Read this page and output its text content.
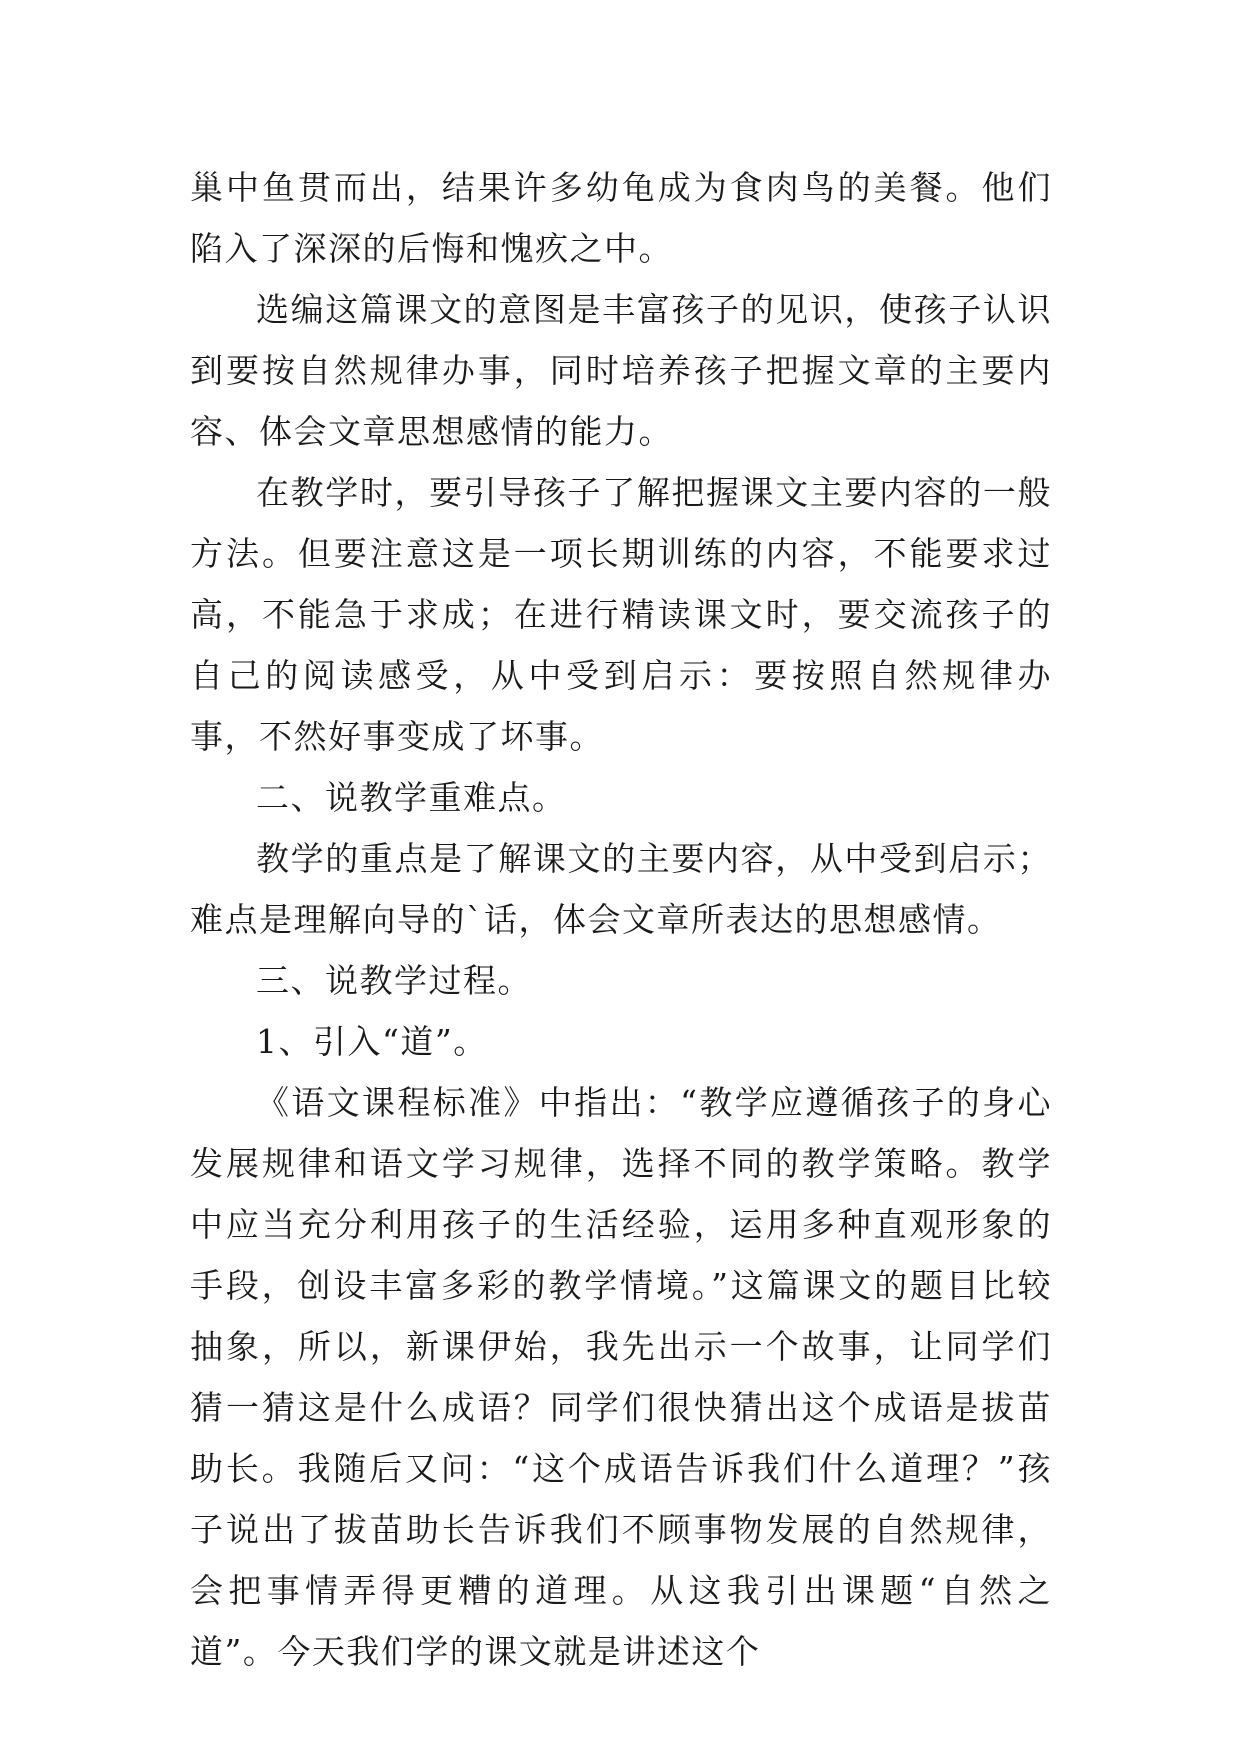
巢中鱼贯而出，结果许多幼龟成为食肉鸟的美餐。他们陷入了深深的后悔和愧疚之中。

选编这篇课文的意图是丰富孩子的见识，使孩子认识到要按自然规律办事，同时培养孩子把握文章的主要内容、体会文章思想感情的能力。

在教学时，要引导孩子了解把握课文主要内容的一般方法。但要注意这是一项长期训练的内容，不能要求过高，不能急于求成；在进行精读课文时，要交流孩子的自己的阅读感受，从中受到启示：要按照自然规律办事，不然好事变成了坏事。

二、说教学重难点。

教学的重点是了解课文的主要内容，从中受到启示；难点是理解向导的`话，体会文章所表达的思想感情。

三、说教学过程。

1、引入“道”。

《语文课程标准》中指出：“教学应遵循孩子的身心发展规律和语文学习规律，选择不同的教学策略。教学中应当充分利用孩子的生活经验，运用多种直观形象的手段，创设丰富多彩的教学情境。”这篇课文的题目比较抽象，所以，新课伊始，我先出示一个故事，让同学们猜一猜这是什么成语？同学们很快猜出这个成语是拔苗助长。我随后又问：“这个成语告诉我们什么道理？”孩子说出了拔苗助长告诉我们不顾事物发展的自然规律，会把事情弄得更糟的道理。从这我引出课题“自然之道”。今天我们学的课文就是讲述这个
